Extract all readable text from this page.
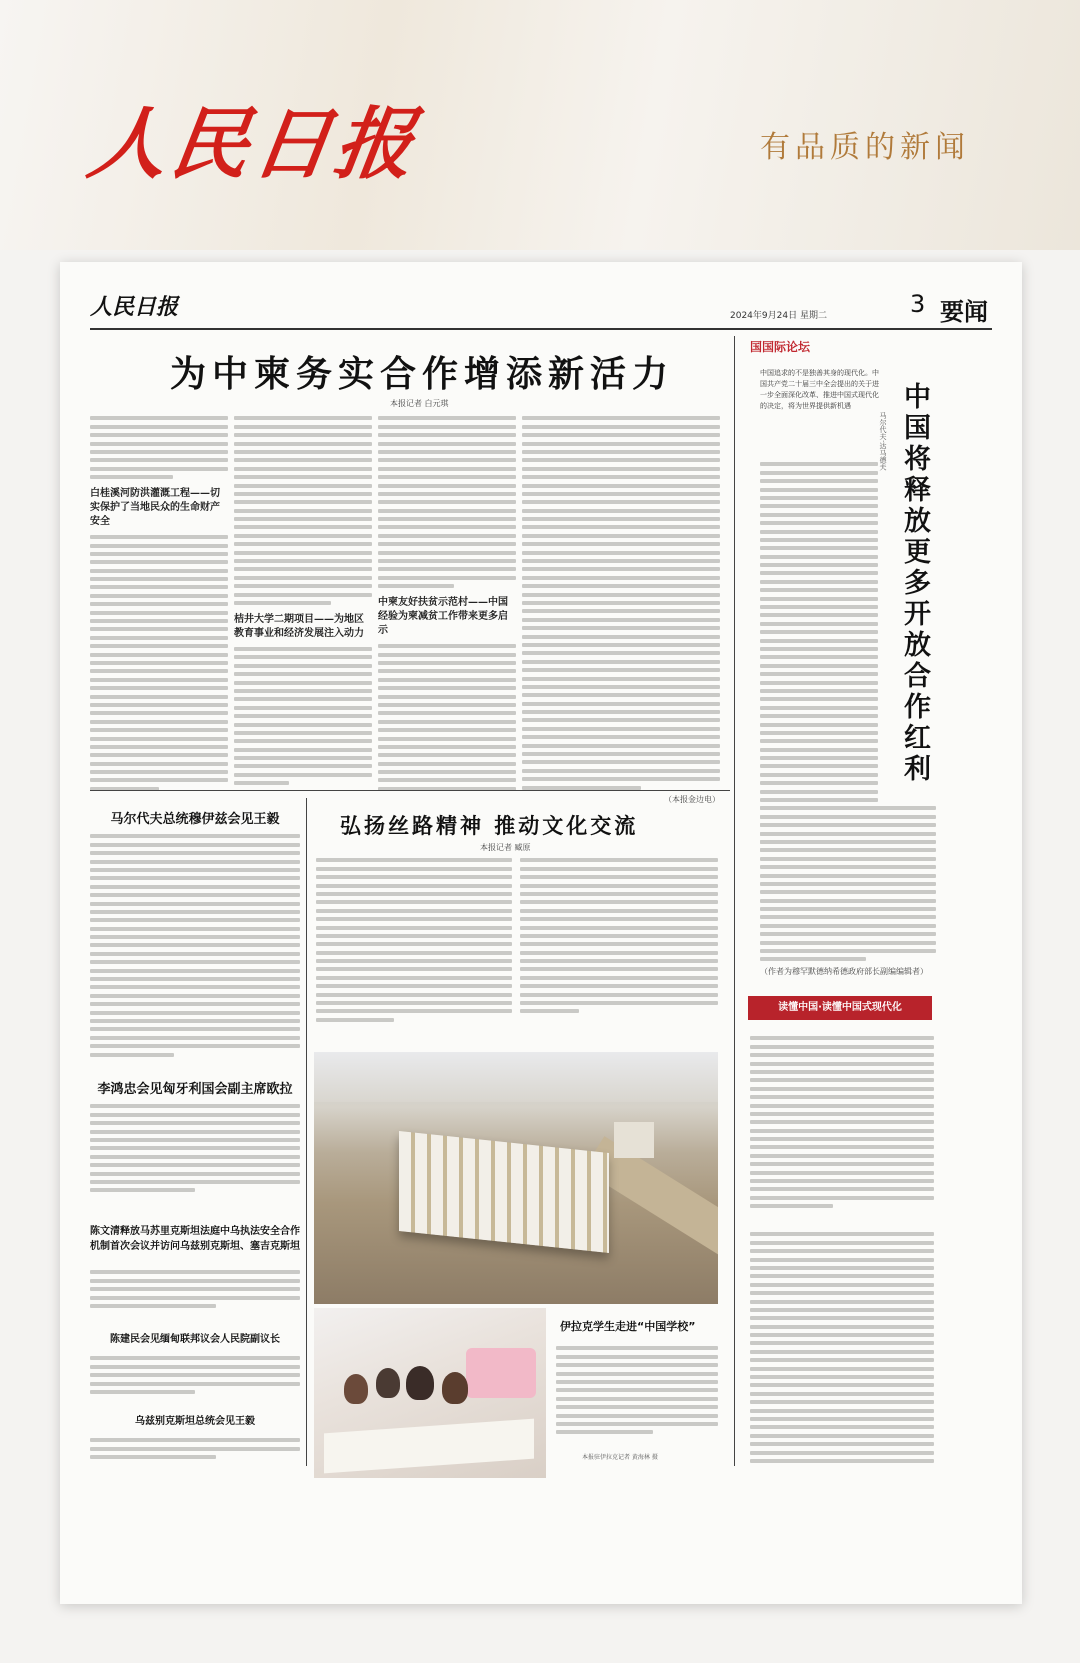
人民日报	有品质的新闻
人民日报	2024年9月24日 星期二	3 要闻
为中柬务实合作增添新活力
本报记者 白元琪
白桂溪河防洪灌溉工程——切实保护了当地民众的生命财产安全
桔井大学二期项目——为地区教育事业和经济发展注入动力
中柬友好扶贫示范村——中国经验为柬减贫工作带来更多启示
（本报金边电）
国国际论坛
中国追求的不是独善其身的现代化。中国共产党二十届三中全会提出的关于进一步全面深化改革、推进中国式现代化的决定，将为世界提供新机遇	中国将释放更多开放合作红利
马尔代夫·达马德夫
（作者为穆罕默德纳希德政府部长副编编辑者）
读懂中国·读懂中国式现代化
马尔代夫总统穆伊兹会见王毅
李鸿忠会见匈牙利国会副主席欧拉
陈文清释放马苏里克斯坦法庭中乌执法安全合作机制首次会议并访问乌兹别克斯坦、塞吉克斯坦
陈建民会见缅甸联邦议会人民院副议长
乌兹别克斯坦总统会见王毅
弘扬丝路精神 推动文化交流
本报记者 臧原
伊拉克学生走进“中国学校”
本报驻伊拉克记者 黄海林 摄
